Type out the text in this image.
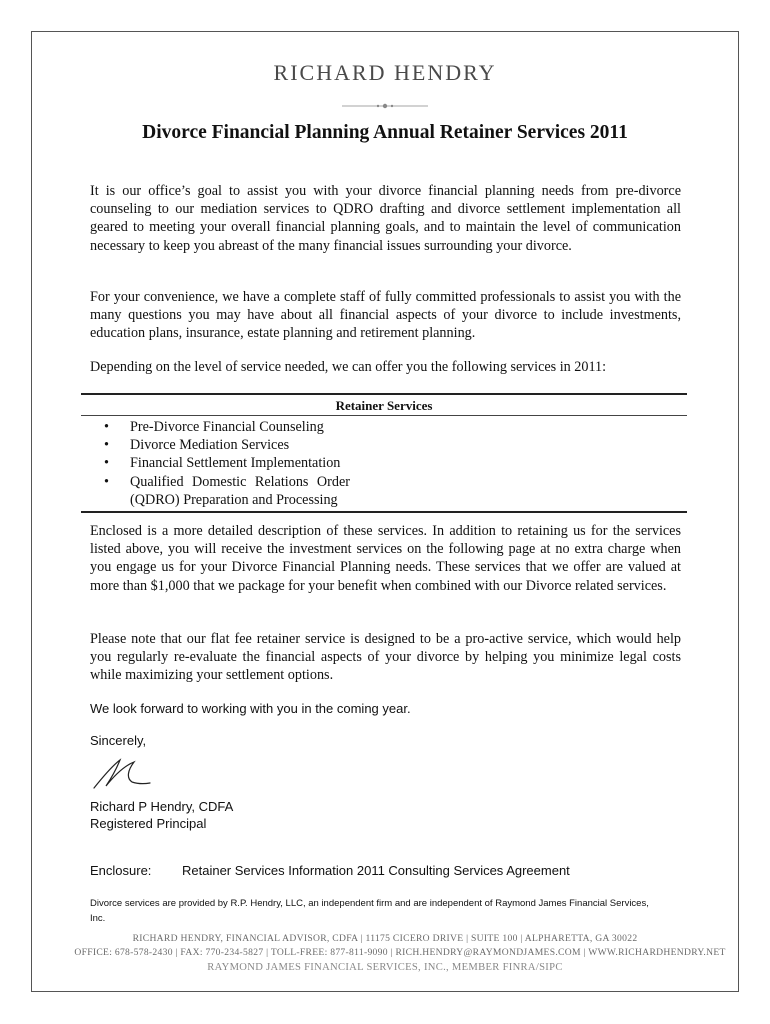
RICHARD HENDRY
Divorce Financial Planning Annual Retainer Services 2011
It is our office’s goal to assist you with your divorce financial planning needs from pre-divorce counseling to our mediation services to QDRO drafting and divorce settlement implementation all geared to meeting your overall financial planning goals, and to maintain the level of communication necessary to keep you abreast of the many financial issues surrounding your divorce.
For your convenience, we have a complete staff of fully committed professionals to assist you with the many questions you may have about all financial aspects of your divorce to include investments, education plans, insurance, estate planning and retirement planning.
Depending on the level of service needed, we can offer you the following services in 2011:
Retainer Services
• Pre-Divorce Financial Counseling
• Divorce Mediation Services
• Financial Settlement Implementation
• Qualified Domestic Relations Order (QDRO) Preparation and Processing
Enclosed is a more detailed description of these services. In addition to retaining us for the services listed above, you will receive the investment services on the following page at no extra charge when you engage us for your Divorce Financial Planning needs. These services that we offer are valued at more than $1,000 that we package for your benefit when combined with our Divorce related services.
Please note that our flat fee retainer service is designed to be a pro-active service, which would help you regularly re-evaluate the financial aspects of your divorce by helping you minimize legal costs while maximizing your settlement options.
We look forward to working with you in the coming year.
Sincerely,
Richard P Hendry, CDFA
Registered Principal
Enclosure: Retainer Services Information 2011 Consulting Services Agreement
Divorce services are provided by R.P. Hendry, LLC, an independent firm and are independent of Raymond James Financial Services, Inc.
RICHARD HENDRY, FINANCIAL ADVISOR, CDFA | 11175 CICERO DRIVE | SUITE 100 | ALPHARETTA, GA 30022
OFFICE: 678-578-2430 | FAX: 770-234-5827 | TOLL-FREE: 877-811-9090 | RICH.HENDRY@RAYMONDJAMES.COM | WWW.RICHARDHENDRY.NET
RAYMOND JAMES FINANCIAL SERVICES, INC., MEMBER FINRA/SIPC
